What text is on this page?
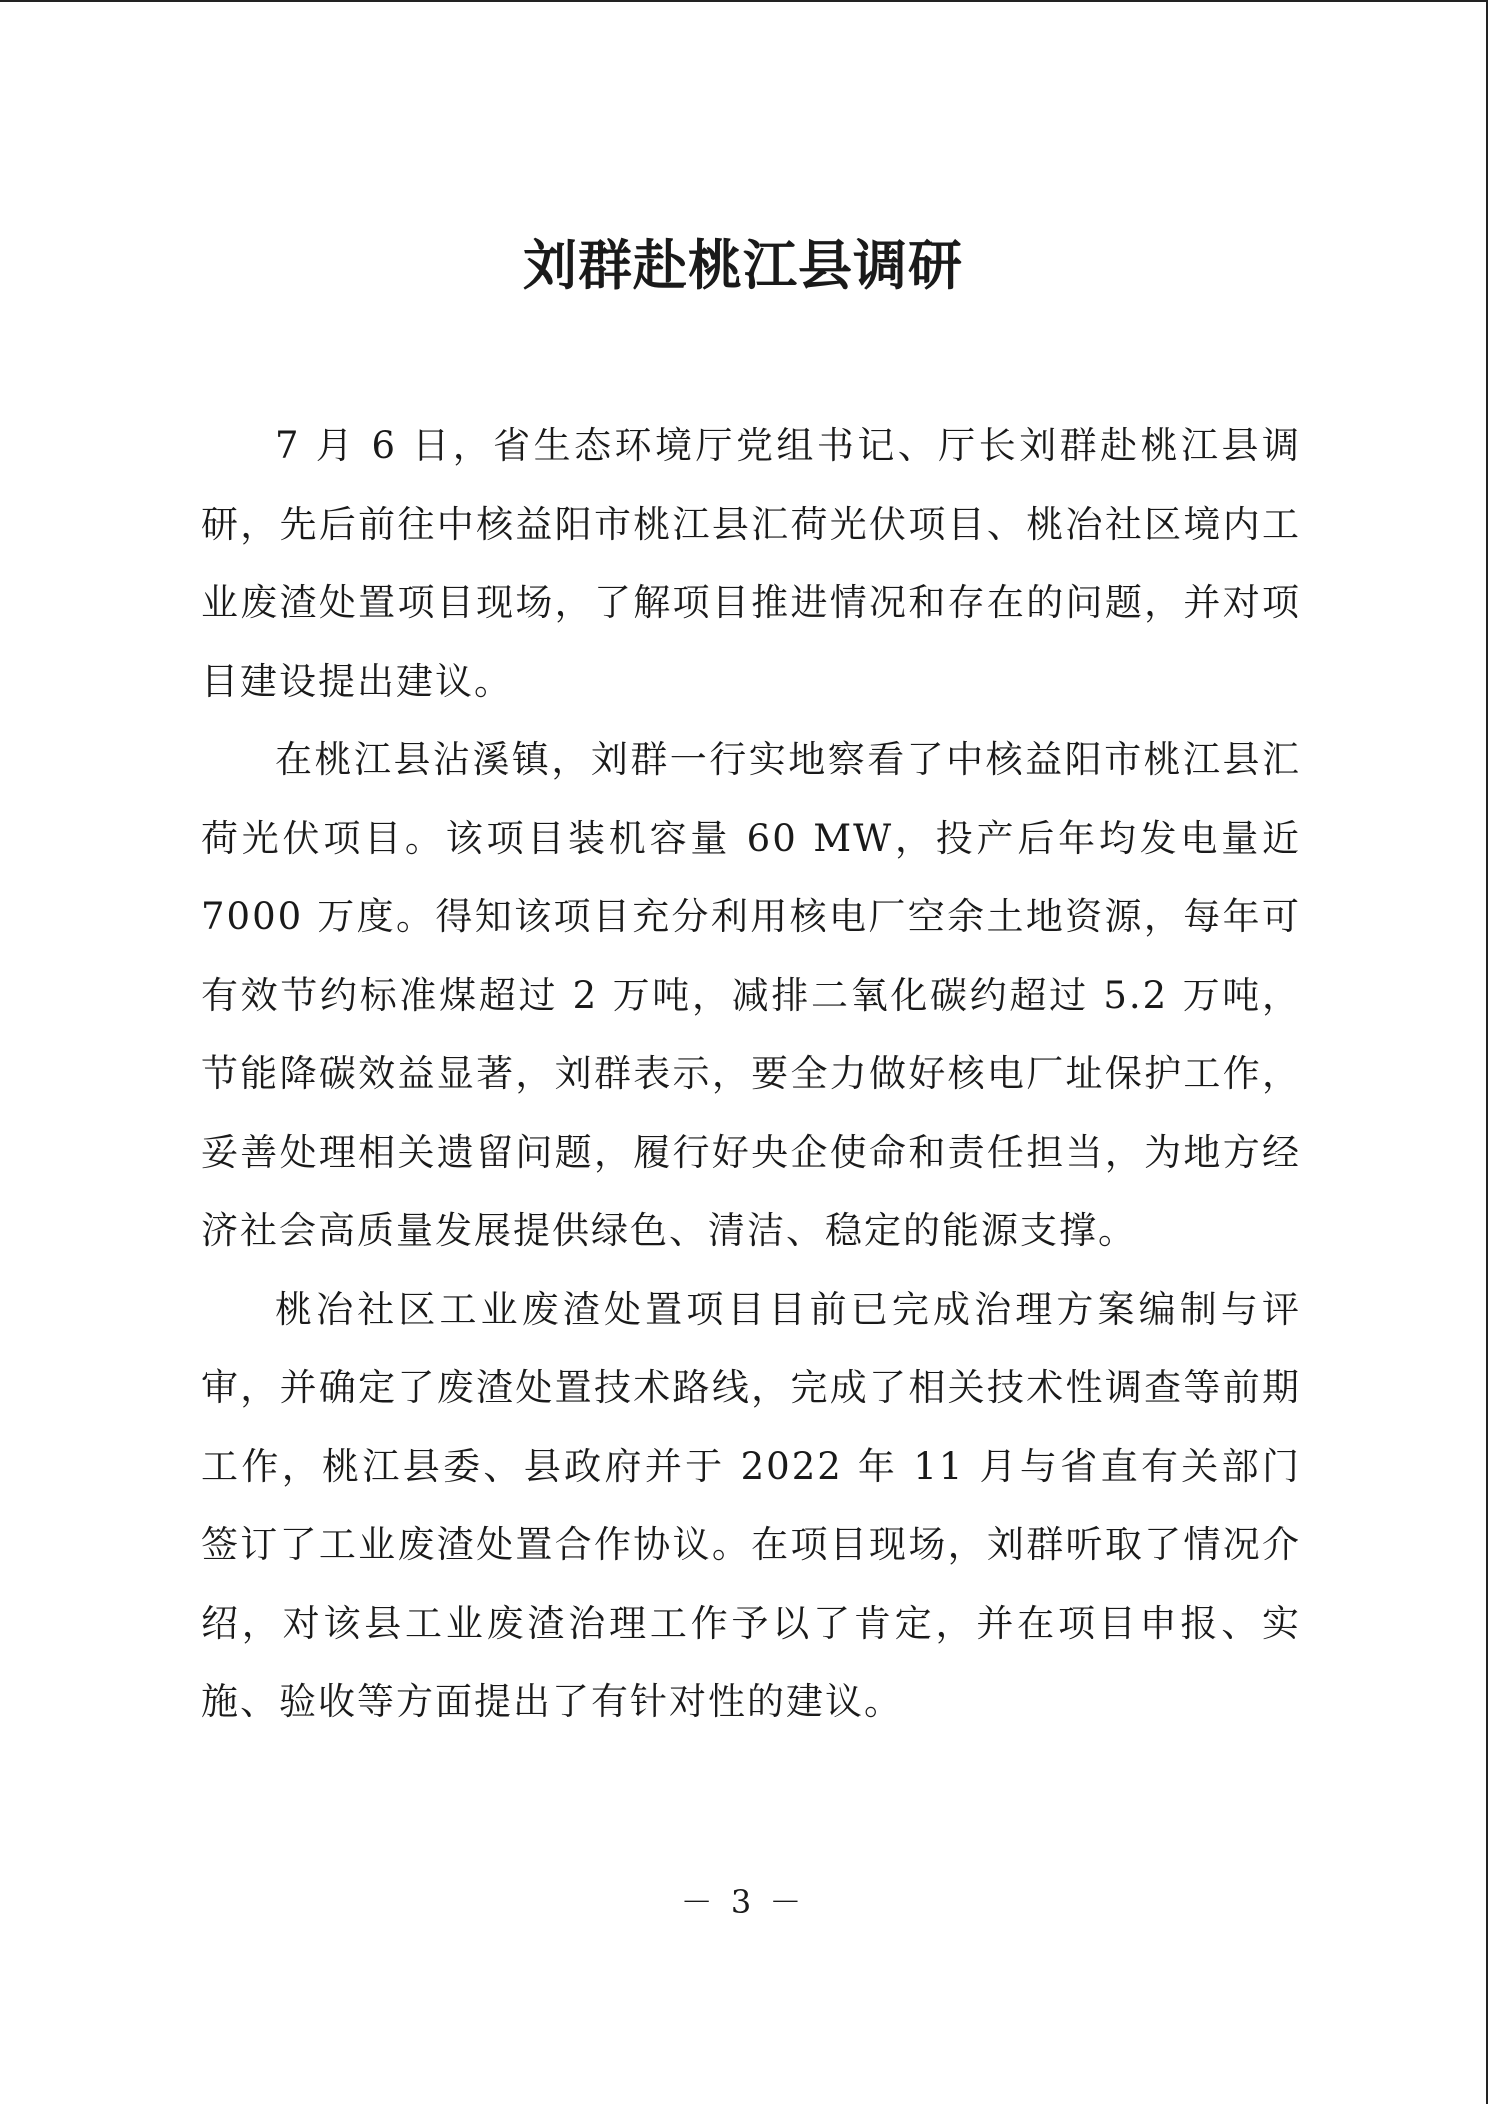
刘群赴桃江县调研

7 月 6 日，省生态环境厅党组书记、厅长刘群赴桃江县调研，先后前往中核益阳市桃江县汇荷光伏项目、桃冶社区境内工业废渣处置项目现场，了解项目推进情况和存在的问题，并对项目建设提出建议。

在桃江县沾溪镇，刘群一行实地察看了中核益阳市桃江县汇荷光伏项目。该项目装机容量 60 MW，投产后年均发电量近 7000 万度。得知该项目充分利用核电厂空余土地资源，每年可有效节约标准煤超过 2 万吨，减排二氧化碳约超过 5.2 万吨，节能降碳效益显著，刘群表示，要全力做好核电厂址保护工作，妥善处理相关遗留问题，履行好央企使命和责任担当，为地方经济社会高质量发展提供绿色、清洁、稳定的能源支撑。

桃冶社区工业废渣处置项目目前已完成治理方案编制与评审，并确定了废渣处置技术路线，完成了相关技术性调查等前期工作，桃江县委、县政府并于 2022 年 11 月与省直有关部门签订了工业废渣处置合作协议。在项目现场，刘群听取了情况介绍，对该县工业废渣治理工作予以了肯定，并在项目申报、实施、验收等方面提出了有针对性的建议。

－ 3 －
